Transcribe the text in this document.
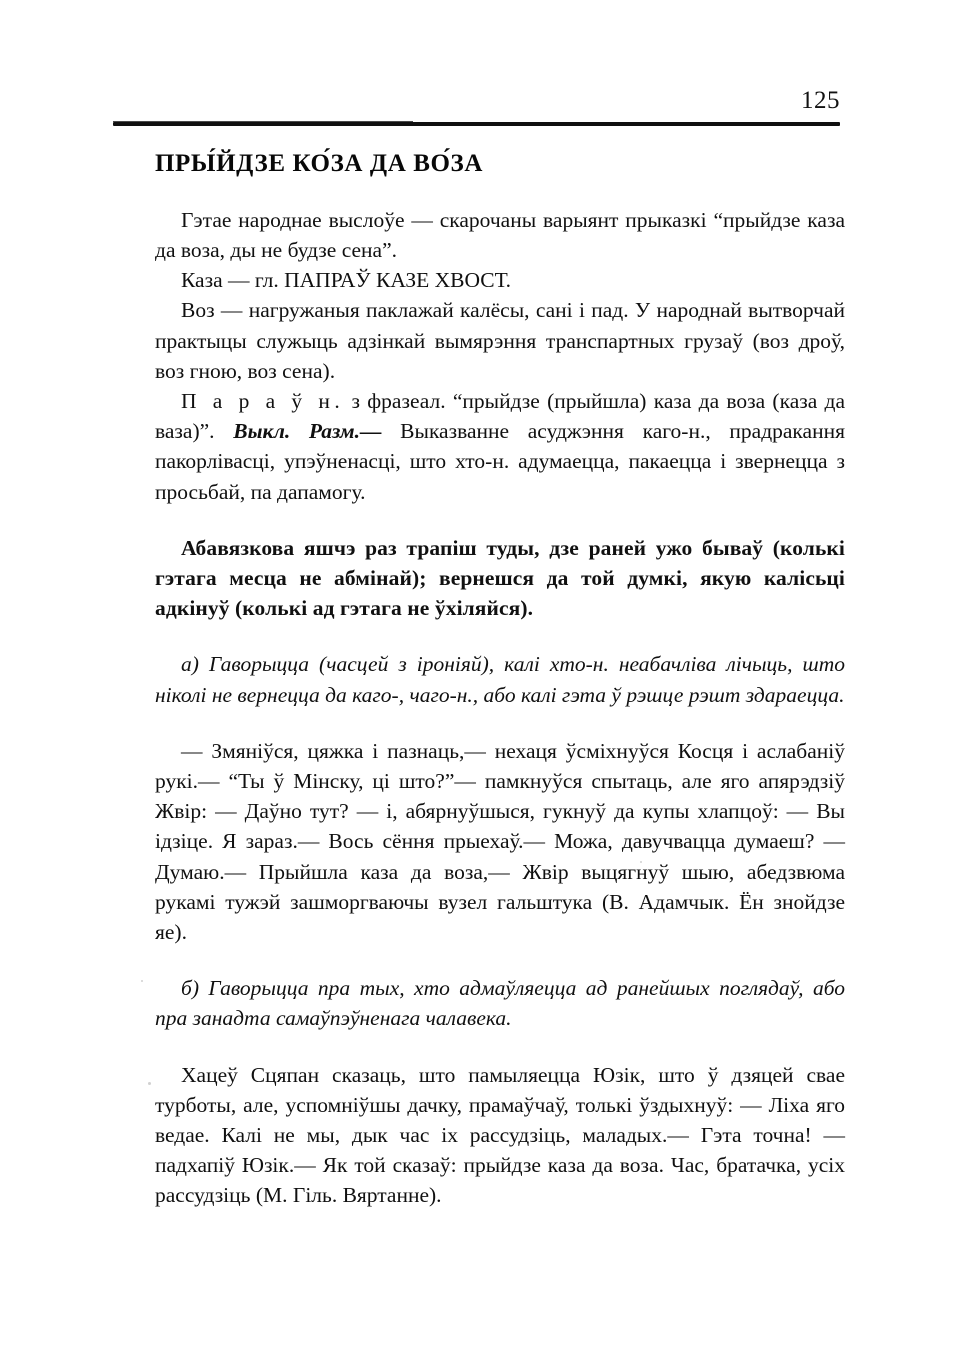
125
ПРЫ́ЙДЗЕ КО́ЗА ДА ВО́ЗА

Гэтае народнае выслоўе — скарочаны варыянт прыказкі “прыйдзе каза да воза, ды не будзе сена”.

Каза — гл. ПАПРАЎ КАЗЕ ХВОСТ.

Воз — нагружаныя паклажай калёсы, сані і пад. У народнай вытворчай практыцы служыць адзінкай вымярэння транспартных грузаў (воз дроў, воз гною, воз сена).

П а р а ў н. з фразеал. “прыйдзе (прыйшла) каза да воза (каза да ваза)”. Выкл. Разм.— Выказванне асуджэння каго-н., прадракання пакорлівасці, упэўненасці, што хто-н. адумаецца, пакаецца і звернецца з просьбай, па дапамогу.

Абавязкова яшчэ раз трапіш туды, дзе раней ужо бываў (колькі гэтага месца не абмінай); вернешся да той думкі, якую калісьці адкінуў (колькі ад гэтага не ўхіляйся).

а) Гаворыцца (часцей з іроніяй), калі хто-н. неабачліва лічыць, што ніколі не вернецца да каго-, чаго-н., або калі гэта ў рэшце рэшт здараецца.

— Змяніўся, цяжка і пазнаць,— нехаця ўсміхнуўся Косця і аслабаніў рукі.— “Ты ў Мінску, ці што?”— памкнуўся спытаць, але яго апярэдзіў Жвір: — Даўно тут? — і, абярнуўшыся, гукнуў да купы хлапцоў: — Вы ідзіце. Я зараз.— Вось сёння прыехаў.— Можа, давучвацца думаеш? — Думаю.— Прыйшла каза да воза,— Жвір выцягнуў шыю, абедзвюма рукамі тужэй зашморгваючы вузел гальштука (В. Адамчык. Ён знойдзе яе).

б) Гаворыцца пра тых, хто адмаўляецца ад ранейшых поглядаў, або пра занадта самаўпэўненага чалавека.

Хацеў Сцяпан сказаць, што памыляецца Юзік, што ў дзяцей свае турботы, але, успомніўшы дачку, прамаўчаў, толькі ўздыхнуў: — Ліха яго ведае. Калі не мы, дык час іх рассудзіць, маладых.— Гэта точна! — падхапіў Юзік.— Як той сказаў: прыйдзе каза да воза. Час, братачка, усіх рассудзіць (М. Гіль. Вяртанне).
